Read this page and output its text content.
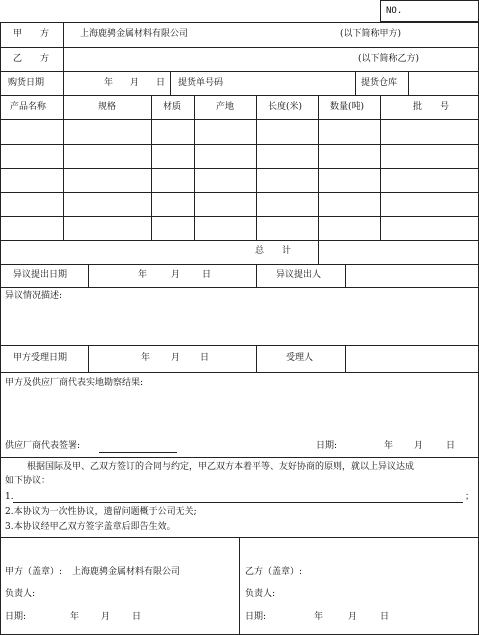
NO.
甲　　方	上海鹿骋金属材料有限公司	(以下简称甲方)
乙　　方	(以下简称乙方)
购货日期	年 月 日 提货单号码	提货仓库
产品名称	规格	材质	产地	长度(米)	数量(吨)	批　　号
总　　计
异议提出日期	年	月 日	异议提出人
异议情况描述:
甲方受理日期	年 月 日	受理人
甲方及供应厂商代表实地勘察结果:
供应厂商代表签署:	日期:	年 月	日
根据国际及甲、乙双方签订的合同与约定，甲乙双方本着平等、友好协商的原则，就以上异议达成
如下协议：
1.	；
2.本协议为一次性协议，遗留问题概于公司无关;
3.本协议经甲乙双方签字盖章后即告生效。
甲方（盖章）: 上海鹿骋金属材料有限公司
负责人:
日期:	年 月 日
乙方（盖章）:
负责人:
日期:	年	月	日
